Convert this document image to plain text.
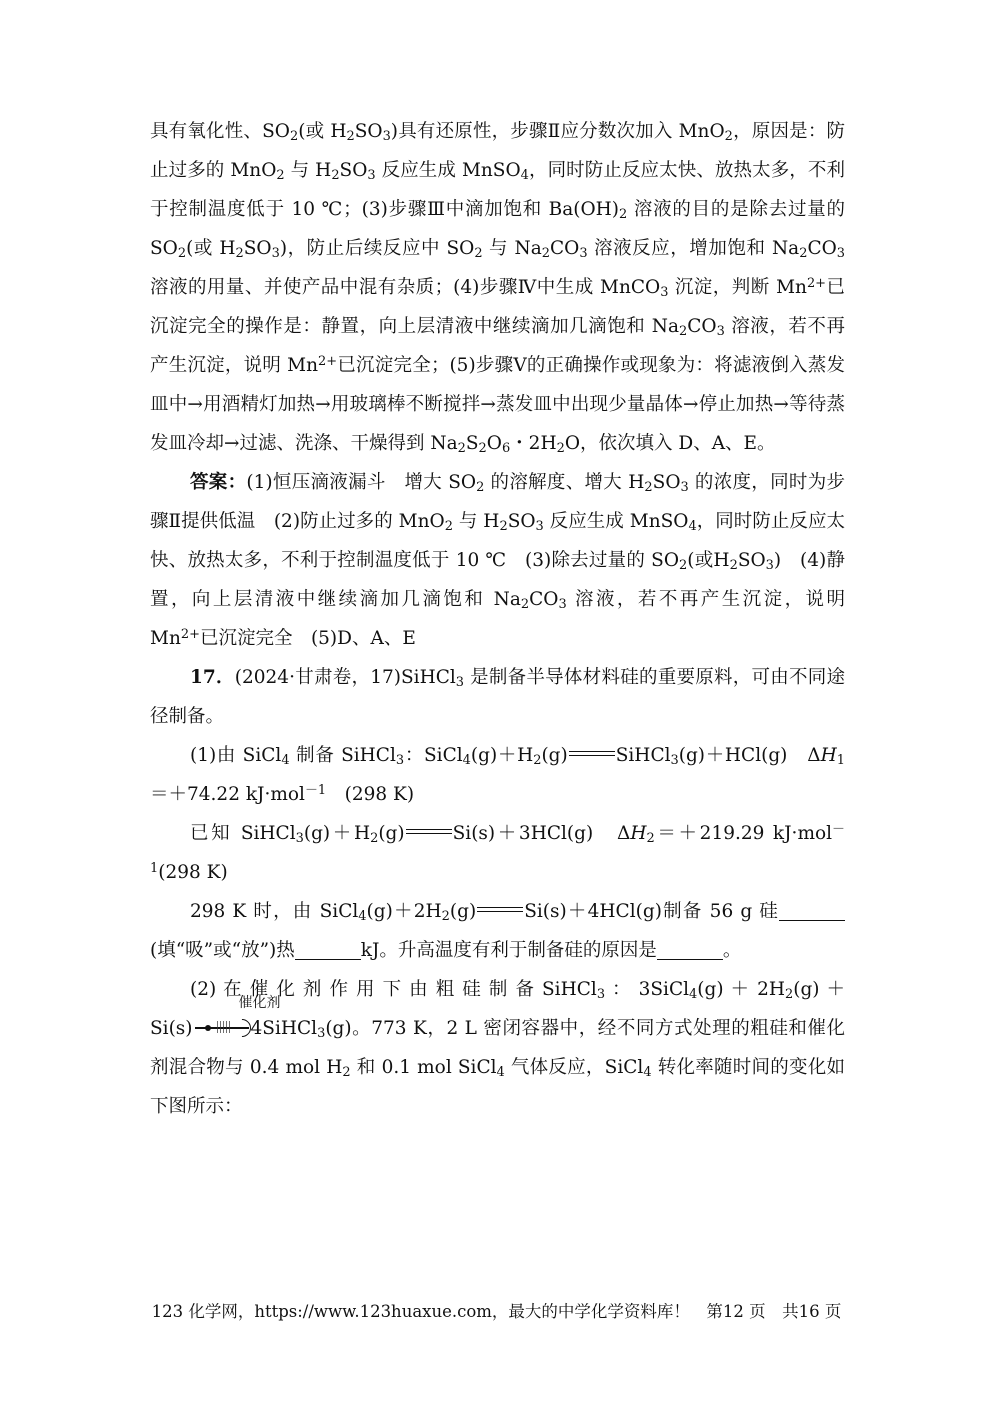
具有氧化性、$SO_2$(或 $H_2SO_3$)具有还原性，步骤Ⅱ应分数次加入 MnO$_2$，原因是：防止过多的 MnO$_2$ 与 $H_2SO_3$ 反应生成 MnSO$_4$，同时防止反应太快、放热太多，不利于控制温度低于 10 ℃；(3)步骤Ⅲ中滴加饱和 $Ba(OH)_2$ 溶液的目的是除去过量的 $SO_2$(或 $H_2SO_3$)，防止后续反应中 $SO_2$ 与 $Na_2CO_3$ 溶液反应，增加饱和 $Na_2CO_3$ 溶液的用量、并使产品中混有杂质；(4)步骤Ⅳ中生成 MnCO$_3$ 沉淀，判断 $Mn^{2+}$已沉淀完全的操作是：静置，向上层清液中继续滴加几滴饱和 $Na_2CO_3$ 溶液，若不再产生沉淀，说明 $Mn^{2+}$已沉淀完全；(5)步骤Ⅴ的正确操作或现象为：将滤液倒入蒸发皿中→用酒精灯加热→用玻璃棒不断搅拌→蒸发皿中出现少量晶体→停止加热→等待蒸发皿冷却→过滤、洗涤、干燥得到 $Na_2S_2O_6$・$2H_2O$，依次填入 D、A、E。

答案：(1)恒压滴液漏斗　增大 $SO_2$ 的溶解度、增大 $H_2SO_3$ 的浓度，同时为步骤Ⅱ提供低温　(2)防止过多的 MnO$_2$ 与 $H_2SO_3$ 反应生成 MnSO$_4$，同时防止反应太快、放热太多，不利于控制温度低于 10 ℃　(3)除去过量的 $SO_2$(或$H_2SO_3$)　(4)静置，向上层清液中继续滴加几滴饱和 $Na_2CO_3$ 溶液，若不再产生沉淀，说明 $Mn^{2+}$已沉淀完全　(5)D、A、E

17．(2024·甘肃卷，17)SiHCl$_3$ 是制备半导体材料硅的重要原料，可由不同途径制备。

(1)由 SiCl$_4$ 制备 SiHCl$_3$：$SiCl_4(g)+H_2(g)$	SiHCl$_3$(g)＋HCl(g)　$\Delta H_1=+74.22$ kJ·mol$^{-1}$　(298 K)

已知 $SiHCl_3(g)+H_2(g)$	Si(s)＋3HCl(g)　$\Delta H_2=+219.29$ kJ·mol$^{-1}$(298 K)

298 K 时，由 $SiCl_4(g)+2H_2(g)$	Si(s)＋4HCl(g)制备 56 g 硅(填“吸”或“放”)热	kJ。升高温度有利于制备硅的原因是	。

(2) 在 催 化 剂 作 用 下 由 粗 硅 制 备 SiHCl$_3$ ： 3SiCl$_4$(g) ＋ $2H_2(g) + Si(s)$
催化剂
4SiHCl$_3$(g)。773 K，2 L 密闭容器中，经不同方式处理的粗硅和催化剂混合物与 0.4 mol $H_2$ 和 0.1 mol SiCl$_4$ 气体反应，SiCl$_4$ 转化率随时间的变化如下图所示：

123 化学网，https://www.123huaxue.com，最大的中学化学资料库！　第12 页　共16 页
